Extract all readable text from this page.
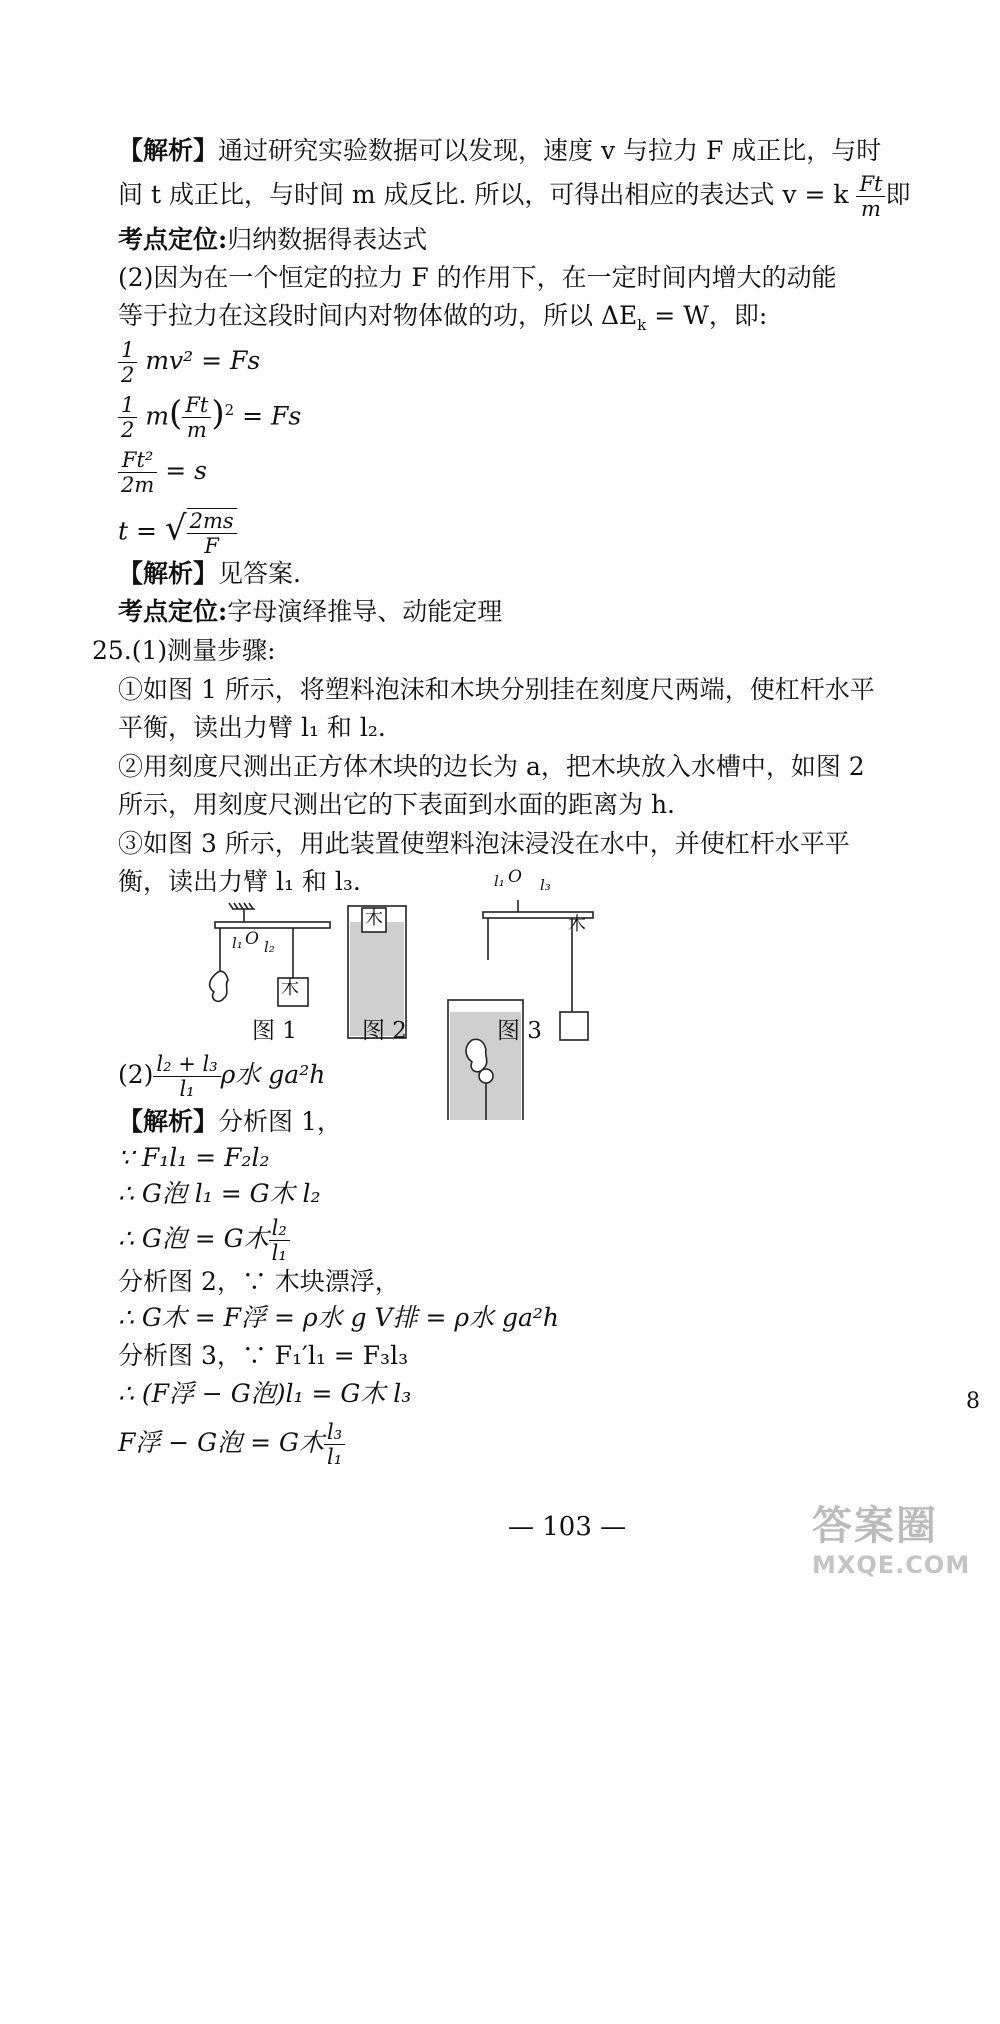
【解析】通过研究实验数据可以发现，速度 v 与拉力 F 成正比，与时
间 t 成正比，与时间 m 成反比. 所以，可得出相应的表达式 v = k $\frac{Ft}{m}$ 即
考点定位:归纳数据得表达式
(2)因为在一个恒定的拉力 F 的作用下，在一定时间内增大的动能
等于拉力在这段时间内对物体做的功，所以 $\Delta E_k = W$，即:
$\frac{1}{2} mv^2 = Fs$
$\frac{1}{2} m( \frac{Ft}{m} )^2 = Fs$
$\frac{\text{Ft²}}{2m} = s$
t = √ $\frac{2ms}{F}$
【解析】见答案.
考点定位:字母演绎推导、动能定理
25.(1)测量步骤:
①如图 1 所示，将塑料泡沫和木块分别挂在刻度尺两端，使杠杆水平
平衡，读出力臂 l₁ 和 l₂.
②用刻度尺测出正方体木块的边长为 a，把木块放入水槽中，如图 2
所示，用刻度尺测出它的下表面到水面的距离为 h.
③如图 3 所示，用此装置使塑料泡沫浸没在水中，并使杠杆水平平
衡，读出力臂 l₁ 和 l₃.
l₁ O l₂
木
木
l₁ O l₃
木
图 1	图 2	图 3
$(2) \frac{\text{l₂ + l₃}}{\text{l₁}}$ ρ水 ga²h
【解析】分析图 1，
∵ F₁l₁ = F₂l₂
∴ G泡 l₁ = G木 l₂
∴ G泡 = G木 $\frac{\text{l₂}}{\text{l₁}}$
分析图 2，∵ 木块漂浮，
∴ G木 = F浮 = ρ水 g V排 = ρ水 ga²h
分析图 3，∵ F₁′l₁ = F₃l₃
∴ (F浮 − G泡)l₁ = G木 l₃
F浮 − G泡 = G木 $\frac{\text{l₃}}{\text{l₁}}$
8
— 103 —	答案圈
MXQE.COM
